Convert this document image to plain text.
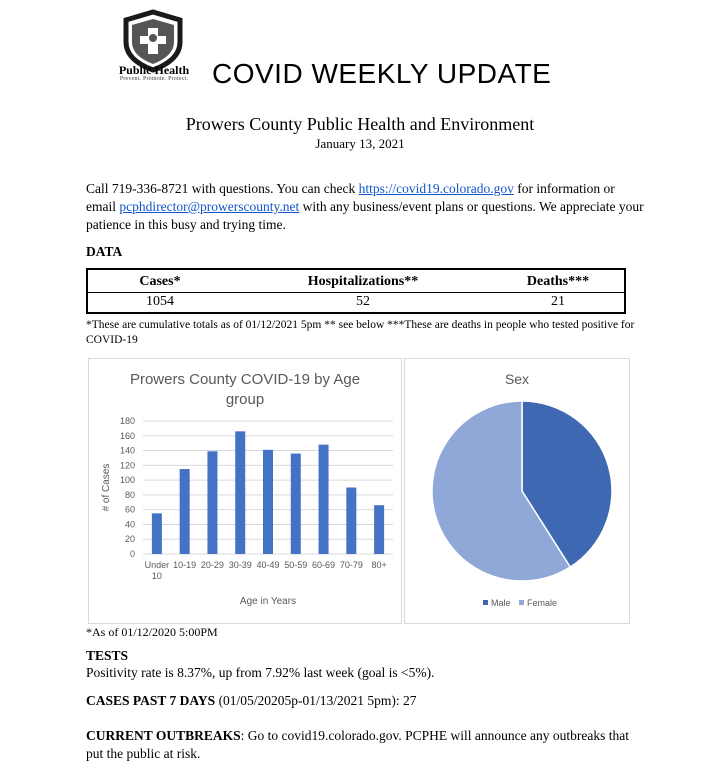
Public Health
Prevent. Promote. Protect. COVID WEEKLY UPDATE
Prowers County Public Health and Environment
January 13, 2021
Call 719-336-8721 with questions. You can check https://covid19.colorado.gov for information or email pcphdirector@prowerscounty.net with any business/event plans or questions. We appreciate your patience in this busy and trying time.
DATA
Cases*
1054
Hospitalizations**
52
Deaths***
21
*These are cumulative totals as of 01/12/2021 5pm ** see below ***These are deaths in people who tested positive for COVID-19
Prowers County COVID-19 by Age
group
0
20
40
60
80
100
120
140
160
180
Under
10
10-19 20-29 30-39 40-49 50-59 60-69 70-79 80+
Age in Years
# of Cases
Sex
Male Female
*As of 01/12/2020 5:00PM
TESTS
Positivity rate is 8.37%, up from 7.92% last week (goal is <5%).
CASES PAST 7 DAYS (01/05/20205p-01/13/2021 5pm): 27
CURRENT OUTBREAKS: Go to covid19.colorado.gov. PCPHE will announce any outbreaks that put the public at risk.
